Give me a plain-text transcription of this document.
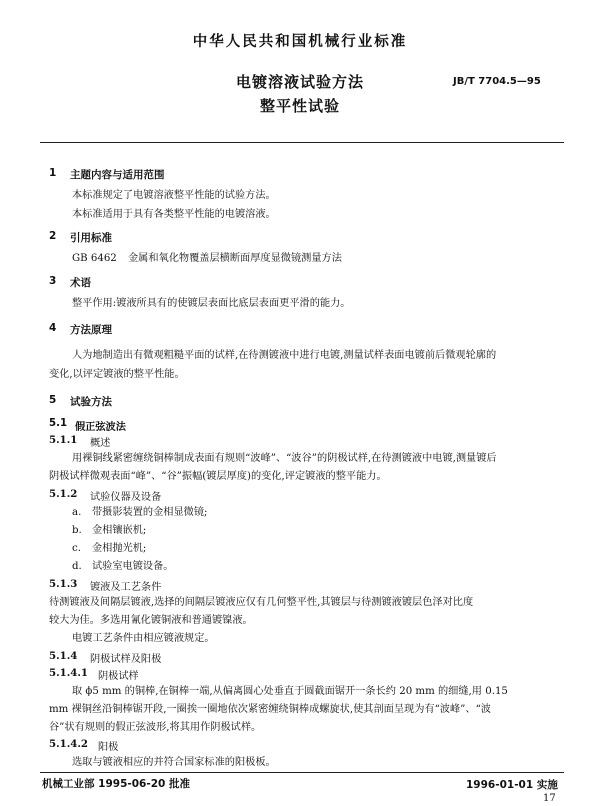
中华人民共和国机械行业标准
电镀溶液试验方法
整平性试验
JB/T 7704.5—95
1 主题内容与适用范围
本标准规定了电镀溶液整平性能的试验方法。
本标准适用于具有各类整平性能的电镀溶液。
2 引用标准
GB 6462 金属和氧化物覆盖层横断面厚度显微镜测量方法
3 术语
整平作用:镀液所具有的使镀层表面比底层表面更平滑的能力。
4 方法原理
人为地制造出有微观粗糙平面的试样,在待测镀液中进行电镀,测量试样表面电镀前后微观轮廓的
变化,以评定镀液的整平性能。
5 试验方法
5.1 假正弦波法
5.1.1 概述
用裸铜线紧密缠绕铜棒制成表面有规则“波峰”、“波谷”的阴极试样,在待测镀液中电镀,测量镀后
阴极试样微观表面“峰”、“谷”振幅(镀层厚度)的变化,评定镀液的整平能力。
5.1.2 试验仪器及设备
a. 带摄影装置的金相显微镜;
b. 金相镶嵌机;
c. 金相抛光机;
d. 试验室电镀设备。
5.1.3 镀液及工艺条件
待测镀液及间隔层镀液,选择的间隔层镀液应仅有几何整平性,其镀层与待测镀液镀层色泽对比度
较大为佳。多选用氰化镀铜液和普通镀镍液。
电镀工艺条件由相应镀液规定。
5.1.4 阴极试样及阳极
5.1.4.1 阴极试样
取 ϕ5 mm 的铜棒,在铜棒一端,从偏离圆心处垂直于圆截面锯开一条长约 20 mm 的细缝,用 0.15
mm 裸铜丝沿铜棒锯开段,一圈挨一圈地依次紧密缠绕铜棒成螺旋状,使其剖面呈现为有“波峰”、“波
谷”状有规则的假正弦波形,将其用作阴极试样。
5.1.4.2 阳极
选取与镀液相应的并符合国家标准的阳极板。
机械工业部 1995-06-20 批准	1996-01-01 实施
17
